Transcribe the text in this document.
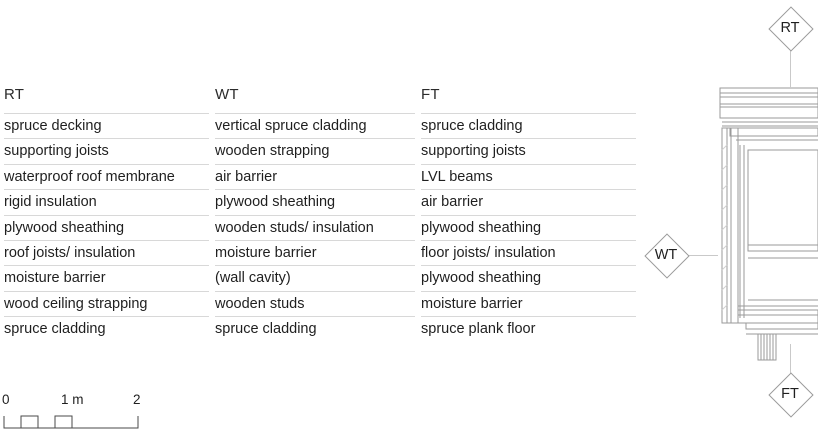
RT
spruce decking
supporting joists
waterproof roof membrane
rigid insulation
plywood sheathing
roof joists/ insulation
moisture barrier
wood ceiling strapping
spruce cladding
WT
vertical spruce cladding
wooden strapping
air barrier
plywood sheathing
wooden studs/ insulation
moisture barrier
(wall cavity)
wooden studs
spruce cladding
FT
spruce cladding
supporting joists
LVL beams
air barrier
plywood sheathing
floor joists/ insulation
plywood sheathing
moisture barrier
spruce plank floor
0	1 m	2
RT
WT
FT
